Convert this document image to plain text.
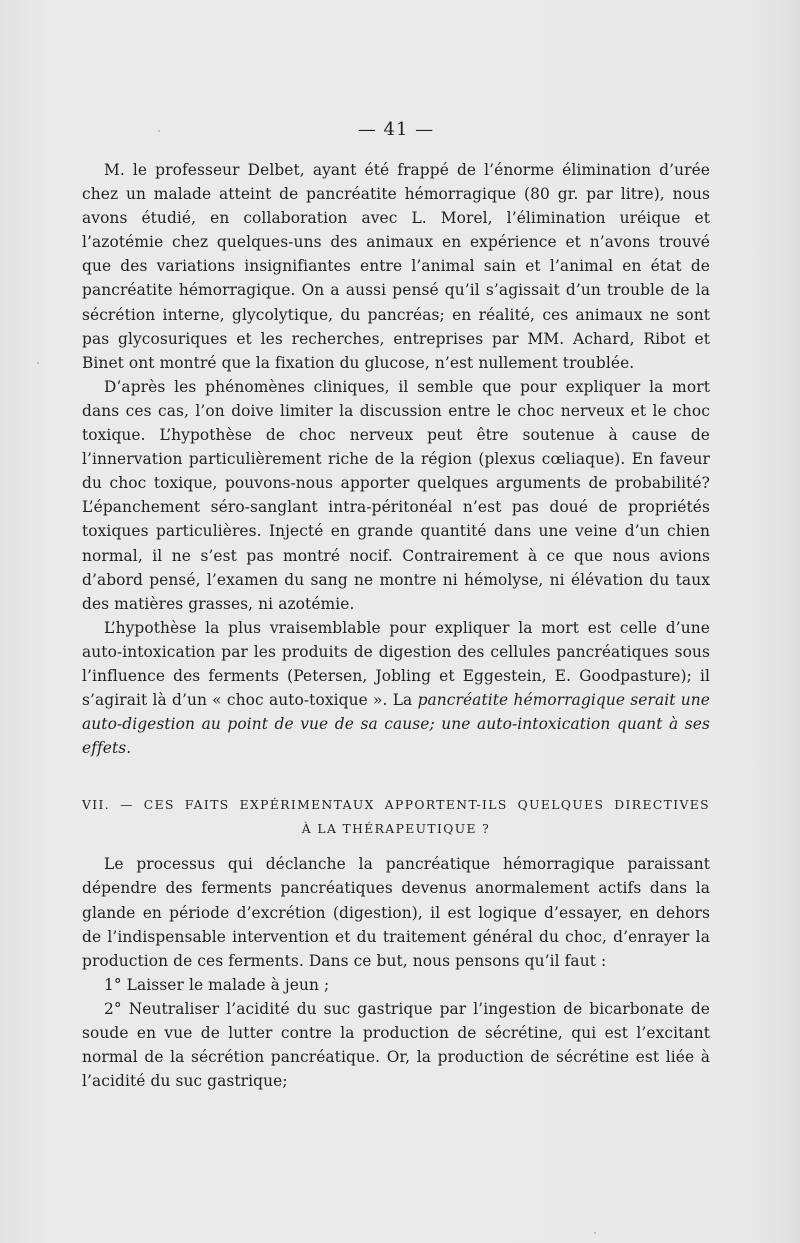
— 41 —

M. le professeur Delbet, ayant été frappé de l’énorme élimination d’urée chez un malade atteint de pancréatite hémorragique (80 gr. par litre), nous avons étudié, en collaboration avec L. Morel, l’élimination uréique et l’azotémie chez quelques-uns des animaux en expérience et n’avons trouvé que des variations insignifiantes entre l’animal sain et l’animal en état de pancréatite hémorragique. On a aussi pensé qu’il s’agissait d’un trouble de la sécrétion interne, glycolytique, du pancréas; en réalité, ces animaux ne sont pas glycosuriques et les recherches, entreprises par MM. Achard, Ribot et Binet ont montré que la fixation du glucose, n’est nullement troublée.

D’après les phénomènes cliniques, il semble que pour expliquer la mort dans ces cas, l’on doive limiter la discussion entre le choc nerveux et le choc toxique. L’hypothèse de choc nerveux peut être soutenue à cause de l’innervation particulièrement riche de la région (plexus cœliaque). En faveur du choc toxique, pouvons-nous apporter quelques arguments de probabilité? L’épanchement séro-sanglant intra-péritonéal n’est pas doué de propriétés toxiques particulières. Injecté en grande quantité dans une veine d’un chien normal, il ne s’est pas montré nocif. Contrairement à ce que nous avions d’abord pensé, l’examen du sang ne montre ni hémolyse, ni élévation du taux des matières grasses, ni azotémie.

L’hypothèse la plus vraisemblable pour expliquer la mort est celle d’une auto-intoxication par les produits de digestion des cellules pancréatiques sous l’influence des ferments (Petersen, Jobling et Eggestein, E. Goodpasture); il s’agirait là d’un « choc auto-toxique ». La pancréatite hémorragique serait une auto-digestion au point de vue de sa cause; une auto-intoxication quant à ses effets.

VII. — CES FAITS EXPÉRIMENTAUX APPORTENT-ILS QUELQUES DIRECTIVES
À LA THÉRAPEUTIQUE ?

Le processus qui déclanche la pancréatique hémorragique paraissant dépendre des ferments pancréatiques devenus anormalement actifs dans la glande en période d’excrétion (digestion), il est logique d’essayer, en dehors de l’indispensable intervention et du traitement général du choc, d’enrayer la production de ces ferments. Dans ce but, nous pensons qu’il faut :

1° Laisser le malade à jeun ;

2° Neutraliser l’acidité du suc gastrique par l’ingestion de bicarbonate de soude en vue de lutter contre la production de sécrétine, qui est l’excitant normal de la sécrétion pancréatique. Or, la production de sécrétine est liée à l’acidité du suc gastrique;
